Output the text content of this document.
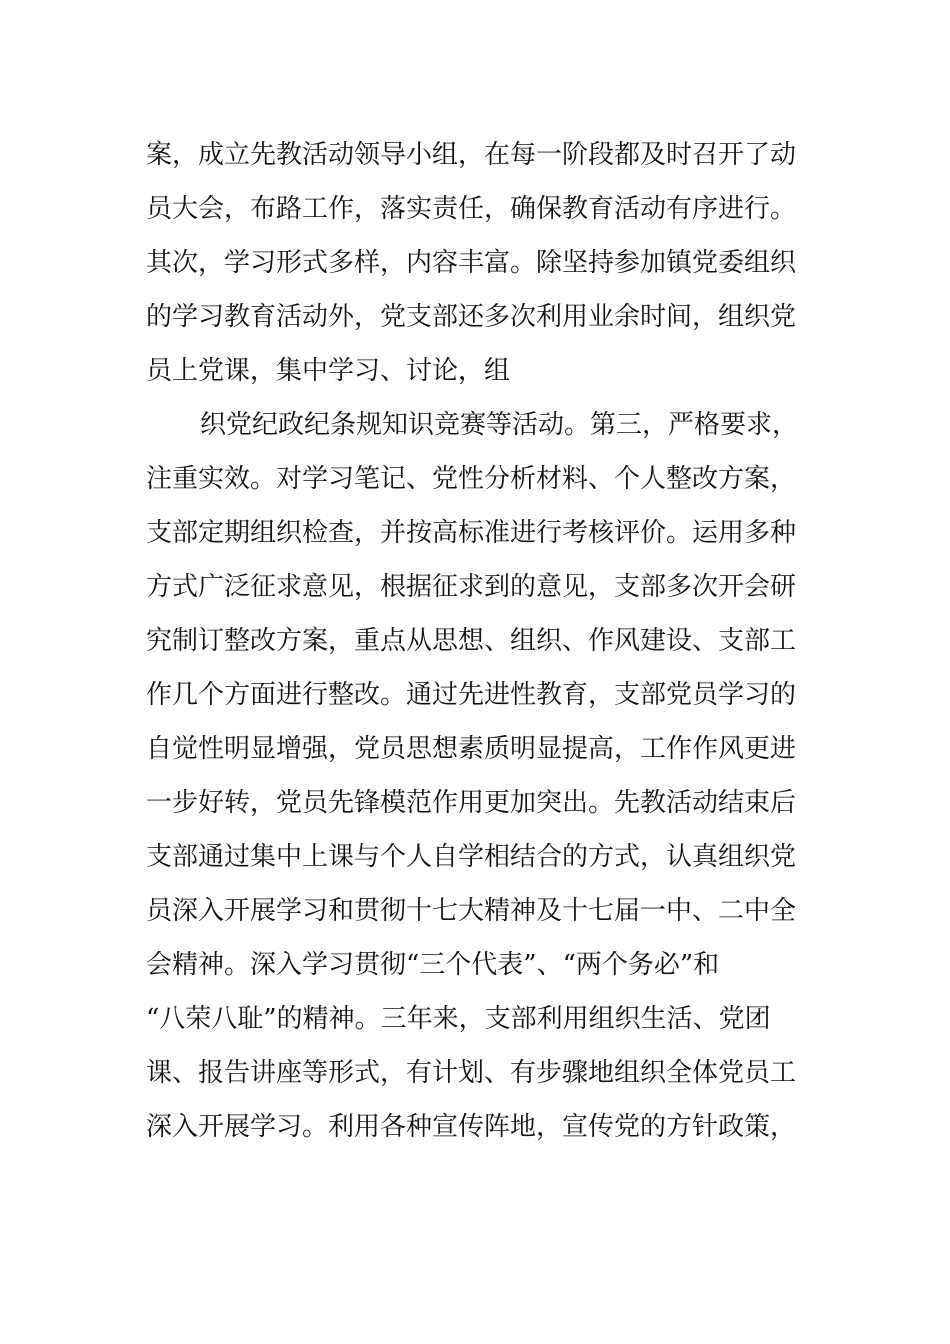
案，成立先教活动领导小组，在每一阶段都及时召开了动
员大会，布路工作，落实责任，确保教育活动有序进行。
其次，学习形式多样，内容丰富。除坚持参加镇党委组织
的学习教育活动外，党支部还多次利用业余时间，组织党
员上党课，集中学习、讨论，组
织党纪政纪条规知识竞赛等活动。第三，严格要求，
注重实效。对学习笔记、党性分析材料、个人整改方案，
支部定期组织检查，并按高标准进行考核评价。运用多种
方式广泛征求意见，根据征求到的意见，支部多次开会研
究制订整改方案，重点从思想、组织、作风建设、支部工
作几个方面进行整改。通过先进性教育，支部党员学习的
自觉性明显增强，党员思想素质明显提高，工作作风更进
一步好转，党员先锋模范作用更加突出。先教活动结束后
支部通过集中上课与个人自学相结合的方式，认真组织党
员深入开展学习和贯彻十七大精神及十七届一中、二中全
会精神。深入学习贯彻“三个代表”、“两个务必”和
“八荣八耻”的精神。三年来，支部利用组织生活、党团
课、报告讲座等形式，有计划、有步骤地组织全体党员工
深入开展学习。利用各种宣传阵地，宣传党的方针政策，
